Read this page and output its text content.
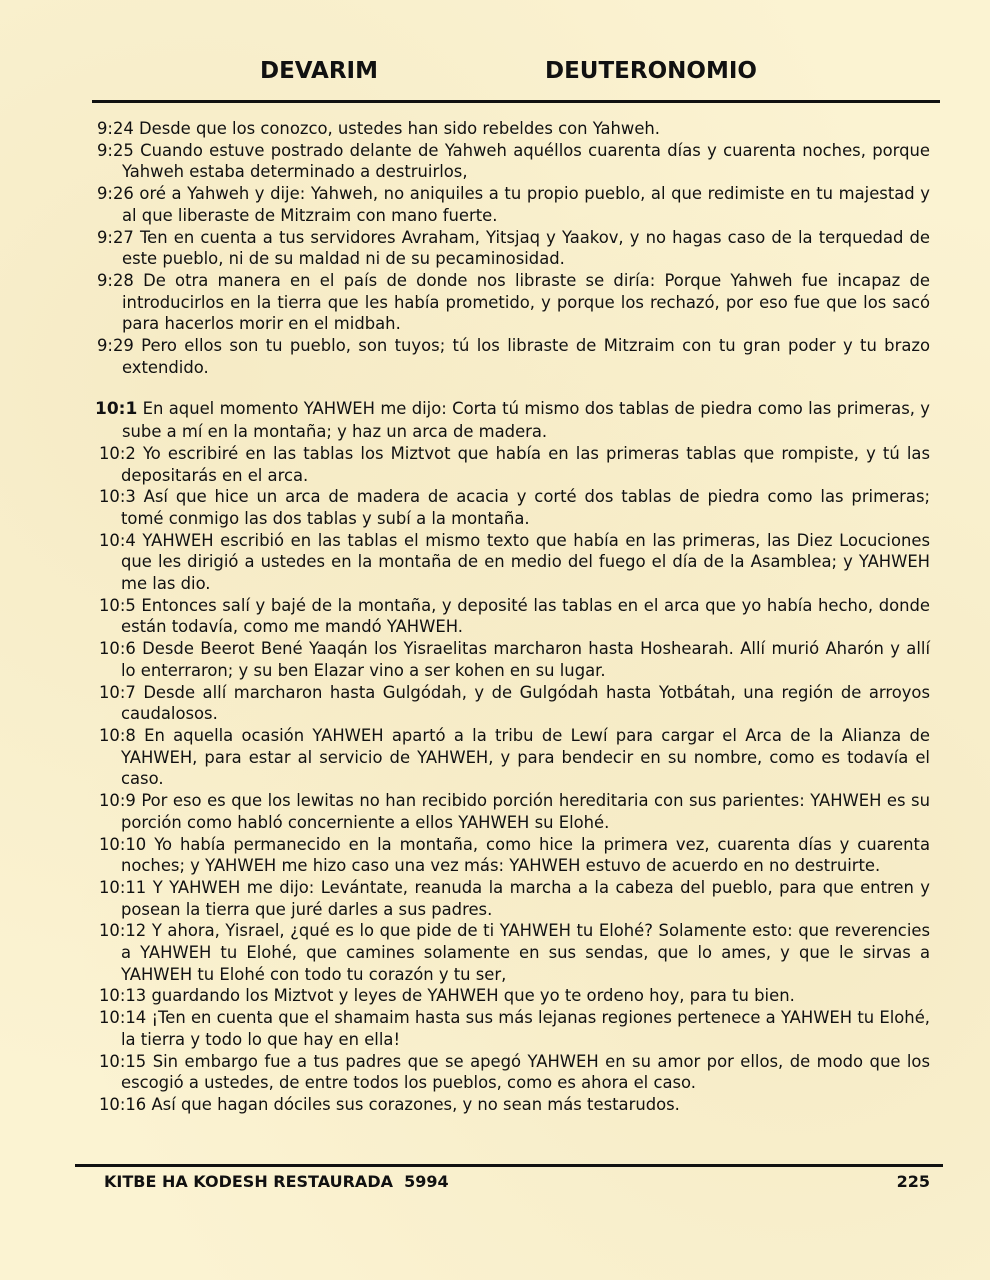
DEVARIM	DEUTERONOMIO
9:24 Desde que los conozco, ustedes han sido rebeldes con Yahweh.
9:25 Cuando estuve postrado delante de Yahweh aquéllos cuarenta días y cuarenta noches, porque Yahweh estaba determinado a destruirlos,
9:26 oré a Yahweh y dije: Yahweh, no aniquiles a tu propio pueblo, al que redimiste en tu majestad y al que liberaste de Mitzraim con mano fuerte.
9:27 Ten en cuenta a tus servidores Avraham, Yitsjaq y Yaakov, y no hagas caso de la terquedad de este pueblo, ni de su maldad ni de su pecaminosidad.
9:28 De otra manera en el país de donde nos libraste se diría: Porque Yahweh fue incapaz de introducirlos en la tierra que les había prometido, y porque los rechazó, por eso fue que los sacó para hacerlos morir en el midbah.
9:29 Pero ellos son tu pueblo, son tuyos; tú los libraste de Mitzraim con tu gran poder y tu brazo extendido.
10:1 En aquel momento YAHWEH me dijo: Corta tú mismo dos tablas de piedra como las primeras, y sube a mí en la montaña; y haz un arca de madera.
10:2 Yo escribiré en las tablas los Miztvot que había en las primeras tablas que rompiste, y tú las depositarás en el arca.
10:3 Así que hice un arca de madera de acacia y corté dos tablas de piedra como las primeras; tomé conmigo las dos tablas y subí a la montaña.
10:4 YAHWEH escribió en las tablas el mismo texto que había en las primeras, las Diez Locuciones que les dirigió a ustedes en la montaña de en medio del fuego el día de la Asamblea; y YAHWEH me las dio.
10:5 Entonces salí y bajé de la montaña, y deposité las tablas en el arca que yo había hecho, donde están todavía, como me mandó YAHWEH.
10:6 Desde Beerot Bené Yaaqán los Yisraelitas marcharon hasta Hoshearah. Allí murió Aharón y allí lo enterraron; y su ben Elazar vino a ser kohen en su lugar.
10:7 Desde allí marcharon hasta Gulgódah, y de Gulgódah hasta Yotbátah, una región de arroyos caudalosos.
10:8 En aquella ocasión YAHWEH apartó a la tribu de Lewí para cargar el Arca de la Alianza de YAHWEH, para estar al servicio de YAHWEH, y para bendecir en su nombre, como es todavía el caso.
10:9 Por eso es que los lewitas no han recibido porción hereditaria con sus parientes: YAHWEH es su porción como habló concerniente a ellos YAHWEH su Elohé.
10:10 Yo había permanecido en la montaña, como hice la primera vez, cuarenta días y cuarenta noches; y YAHWEH me hizo caso una vez más: YAHWEH estuvo de acuerdo en no destruirte.
10:11 Y YAHWEH me dijo: Levántate, reanuda la marcha a la cabeza del pueblo, para que entren y posean la tierra que juré darles a sus padres.
10:12 Y ahora, Yisrael, ¿qué es lo que pide de ti YAHWEH tu Elohé? Solamente esto: que reverencies a YAHWEH tu Elohé, que camines solamente en sus sendas, que lo ames, y que le sirvas a YAHWEH tu Elohé con todo tu corazón y tu ser,
10:13 guardando los Miztvot y leyes de YAHWEH que yo te ordeno hoy, para tu bien.
10:14 ¡Ten en cuenta que el shamaim hasta sus más lejanas regiones pertenece a YAHWEH tu Elohé, la tierra y todo lo que hay en ella!
10:15 Sin embargo fue a tus padres que se apegó YAHWEH en su amor por ellos, de modo que los escogió a ustedes, de entre todos los pueblos, como es ahora el caso.
10:16 Así que hagan dóciles sus corazones, y no sean más testarudos.
KITBE HA KODESH RESTAURADA  5994	225
